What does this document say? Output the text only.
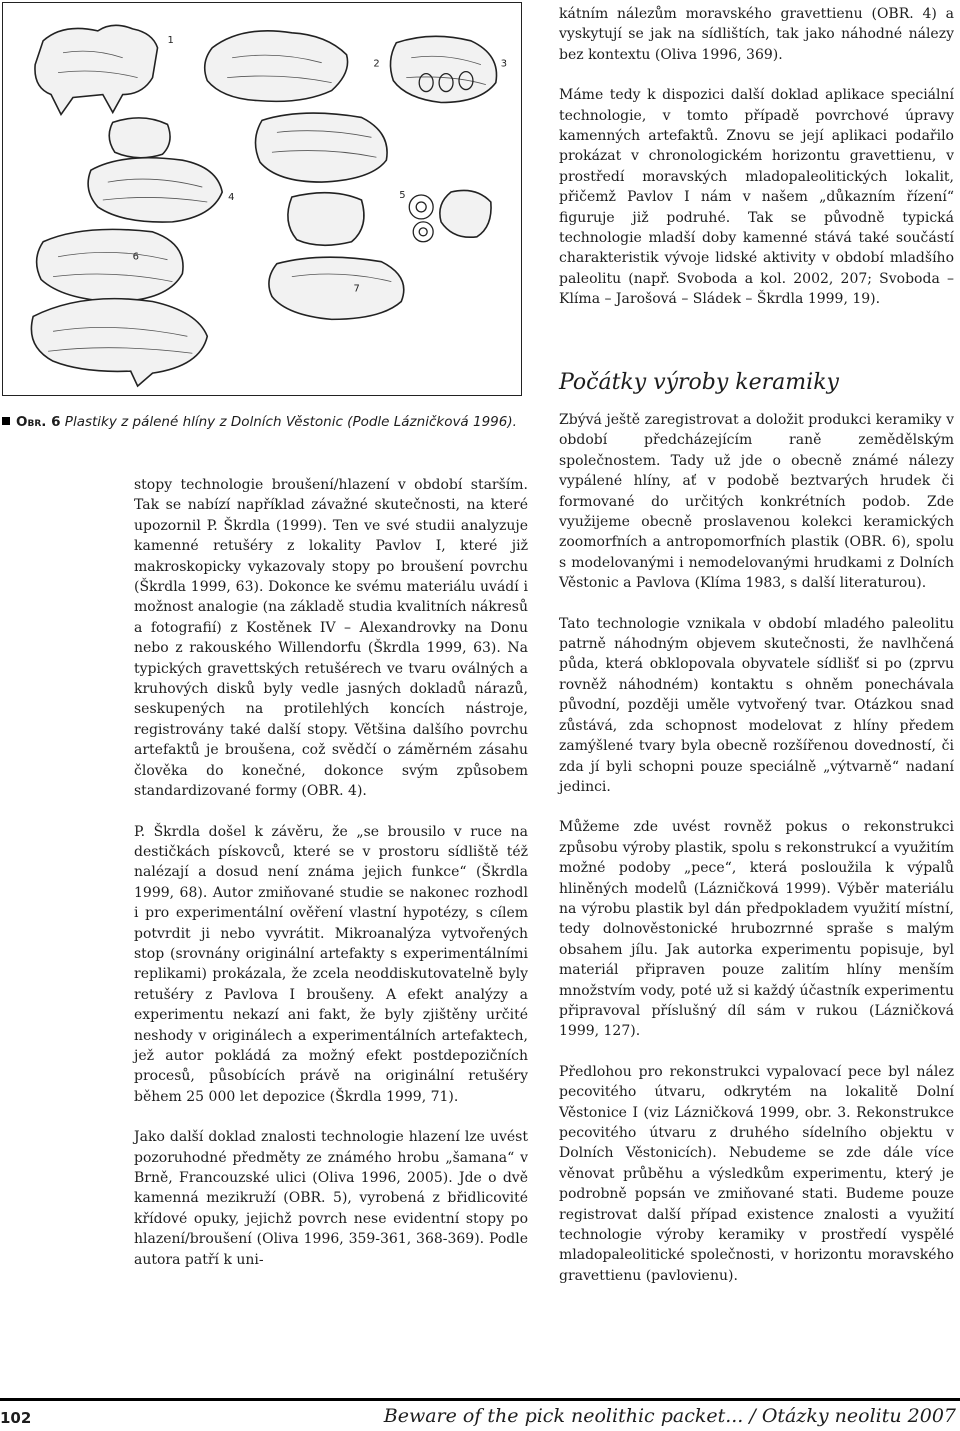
1
2	3
4	5
6
7
Obr. 6 Plastiky z pálené hlíny z Dolních Věstonic (Podle Lázničková 1996).

stopy technologie broušení/hlazení v období starším. Tak se nabízí například závažné skutečnosti, na které upozornil P. Škrdla (1999). Ten ve své studii analyzuje kamenné retušéry z lokality Pavlov I, které již makroskopicky vykazovaly stopy po broušení povrchu (Škrdla 1999, 63). Dokonce ke svému materiálu uvádí i možnost analogie (na základě studia kvalitních nákresů a fotografií) z Kostěnek IV – Alexandrovky na Donu nebo z rakouského Willendorfu (Škrdla 1999, 63). Na typických gravettských retušérech ve tvaru oválných a kruhových disků byly vedle jasných dokladů nárazů, seskupených na protilehlých koncích nástroje, registrovány také další stopy. Většina dalšího povrchu artefaktů je broušena, což svědčí o záměrném zásahu člověka do konečné, dokonce svým způsobem standardizované formy (OBR. 4).

P. Škrdla došel k závěru, že „se brousilo v ruce na destičkách pískovců, které se v prostoru sídliště též nalézají a dosud není známa jejich funkce“ (Škrdla 1999, 68). Autor zmiňované studie se nakonec rozhodl i pro experimentální ověření vlastní hypotézy, s cílem potvrdit ji nebo vyvrátit. Mikroanalýza vytvořených stop (srovnány originální artefakty s experimentálními replikami) prokázala, že zcela neoddiskutovatelně byly retušéry z Pavlova I broušeny. A efekt analýzy a experimentu nekazí ani fakt, že byly zjištěny určité neshody v originálech a experimentálních artefaktech, jež autor pokládá za možný efekt postdepozičních procesů, působících právě na originální retušéry během 25 000 let depozice (Škrdla 1999, 71).

Jako další doklad znalosti technologie hlazení lze uvést pozoruhodné předměty ze známého hrobu „šamana“ v Brně, Francouzské ulici (Oliva 1996, 2005). Jde o dvě kamenná mezikruží (OBR. 5), vyrobená z břidlicovité křídové opuky, jejichž povrch nese evidentní stopy po hlazení/broušení (Oliva 1996, 359-361, 368-369). Podle autora patří k uni-

kátním nálezům moravského gravettienu (OBR. 4) a vyskytují se jak na sídlištích, tak jako náhodné nálezy bez kontextu (Oliva 1996, 369).

Máme tedy k dispozici další doklad aplikace speciální technologie, v tomto případě povrchové úpravy kamenných artefaktů. Znovu se její aplikaci podařilo prokázat v chronologickém horizontu gravettienu, v prostředí moravských mladopaleolitických lokalit, přičemž Pavlov I nám v našem „důkazním řízení“ figuruje již podruhé. Tak se původně typická technologie mladší doby kamenné stává také součástí charakteristik vývoje lidské aktivity v období mladšího paleolitu (např. Svoboda a kol. 2002, 207; Svoboda – Klíma – Jarošová – Sládek – Škrdla 1999, 19).

Počátky výroby keramiky

Zbývá ještě zaregistrovat a doložit produkci keramiky v období předcházejícím raně zemědělským společnostem. Tady už jde o obecně známé nálezy vypálené hlíny, ať v podobě beztvarých hrudek či formované do určitých konkrétních podob. Zde využijeme obecně proslavenou kolekci keramických zoomorfních a antropomorfních plastik (OBR. 6), spolu s modelovanými i nemodelovanými hrudkami z Dolních Věstonic a Pavlova (Klíma 1983, s další literaturou).

Tato technologie vznikala v období mladého paleolitu patrně náhodným objevem skutečnosti, že navlhčená půda, která obklopovala obyvatele sídlišť si po (zprvu rovněž náhodném) kontaktu s ohněm ponechávala původní, později uměle vytvořený tvar. Otázkou snad zůstává, zda schopnost modelovat z hlíny předem zamýšlené tvary byla obecně rozšířenou dovedností, či zda jí byli schopni pouze speciálně „výtvarně“ nadaní jedinci.

Můžeme zde uvést rovněž pokus o rekonstrukci způsobu výroby plastik, spolu s rekonstrukcí a využitím možné podoby „pece“, která posloužila k výpalů hliněných modelů (Lázničková 1999). Výběr materiálu na výrobu plastik byl dán předpokladem využití místní, tedy dolnověstonické hrubozrnné spraše s malým obsahem jílu. Jak autorka experimentu popisuje, byl materiál připraven pouze zalitím hlíny menším množstvím vody, poté už si každý účastník experimentu připravoval příslušný díl sám v rukou (Lázničková 1999, 127).

Předlohou pro rekonstrukci vypalovací pece byl nález pecovitého útvaru, odkrytém na lokalitě Dolní Věstonice I (viz Lázničková 1999, obr. 3. Rekonstrukce pecovitého útvaru z druhého sídelního objektu v Dolních Věstonicích). Nebudeme se zde dále více věnovat průběhu a výsledkům experimentu, který je podrobně popsán ve zmiňované stati. Budeme pouze registrovat další případ existence znalosti a využití technologie výroby keramiky v prostředí vyspělé mladopaleolitické společnosti, v horizontu moravského gravettienu (pavlovienu).

102	Beware of the pick neolithic packet... / Otázky neolitu 2007
